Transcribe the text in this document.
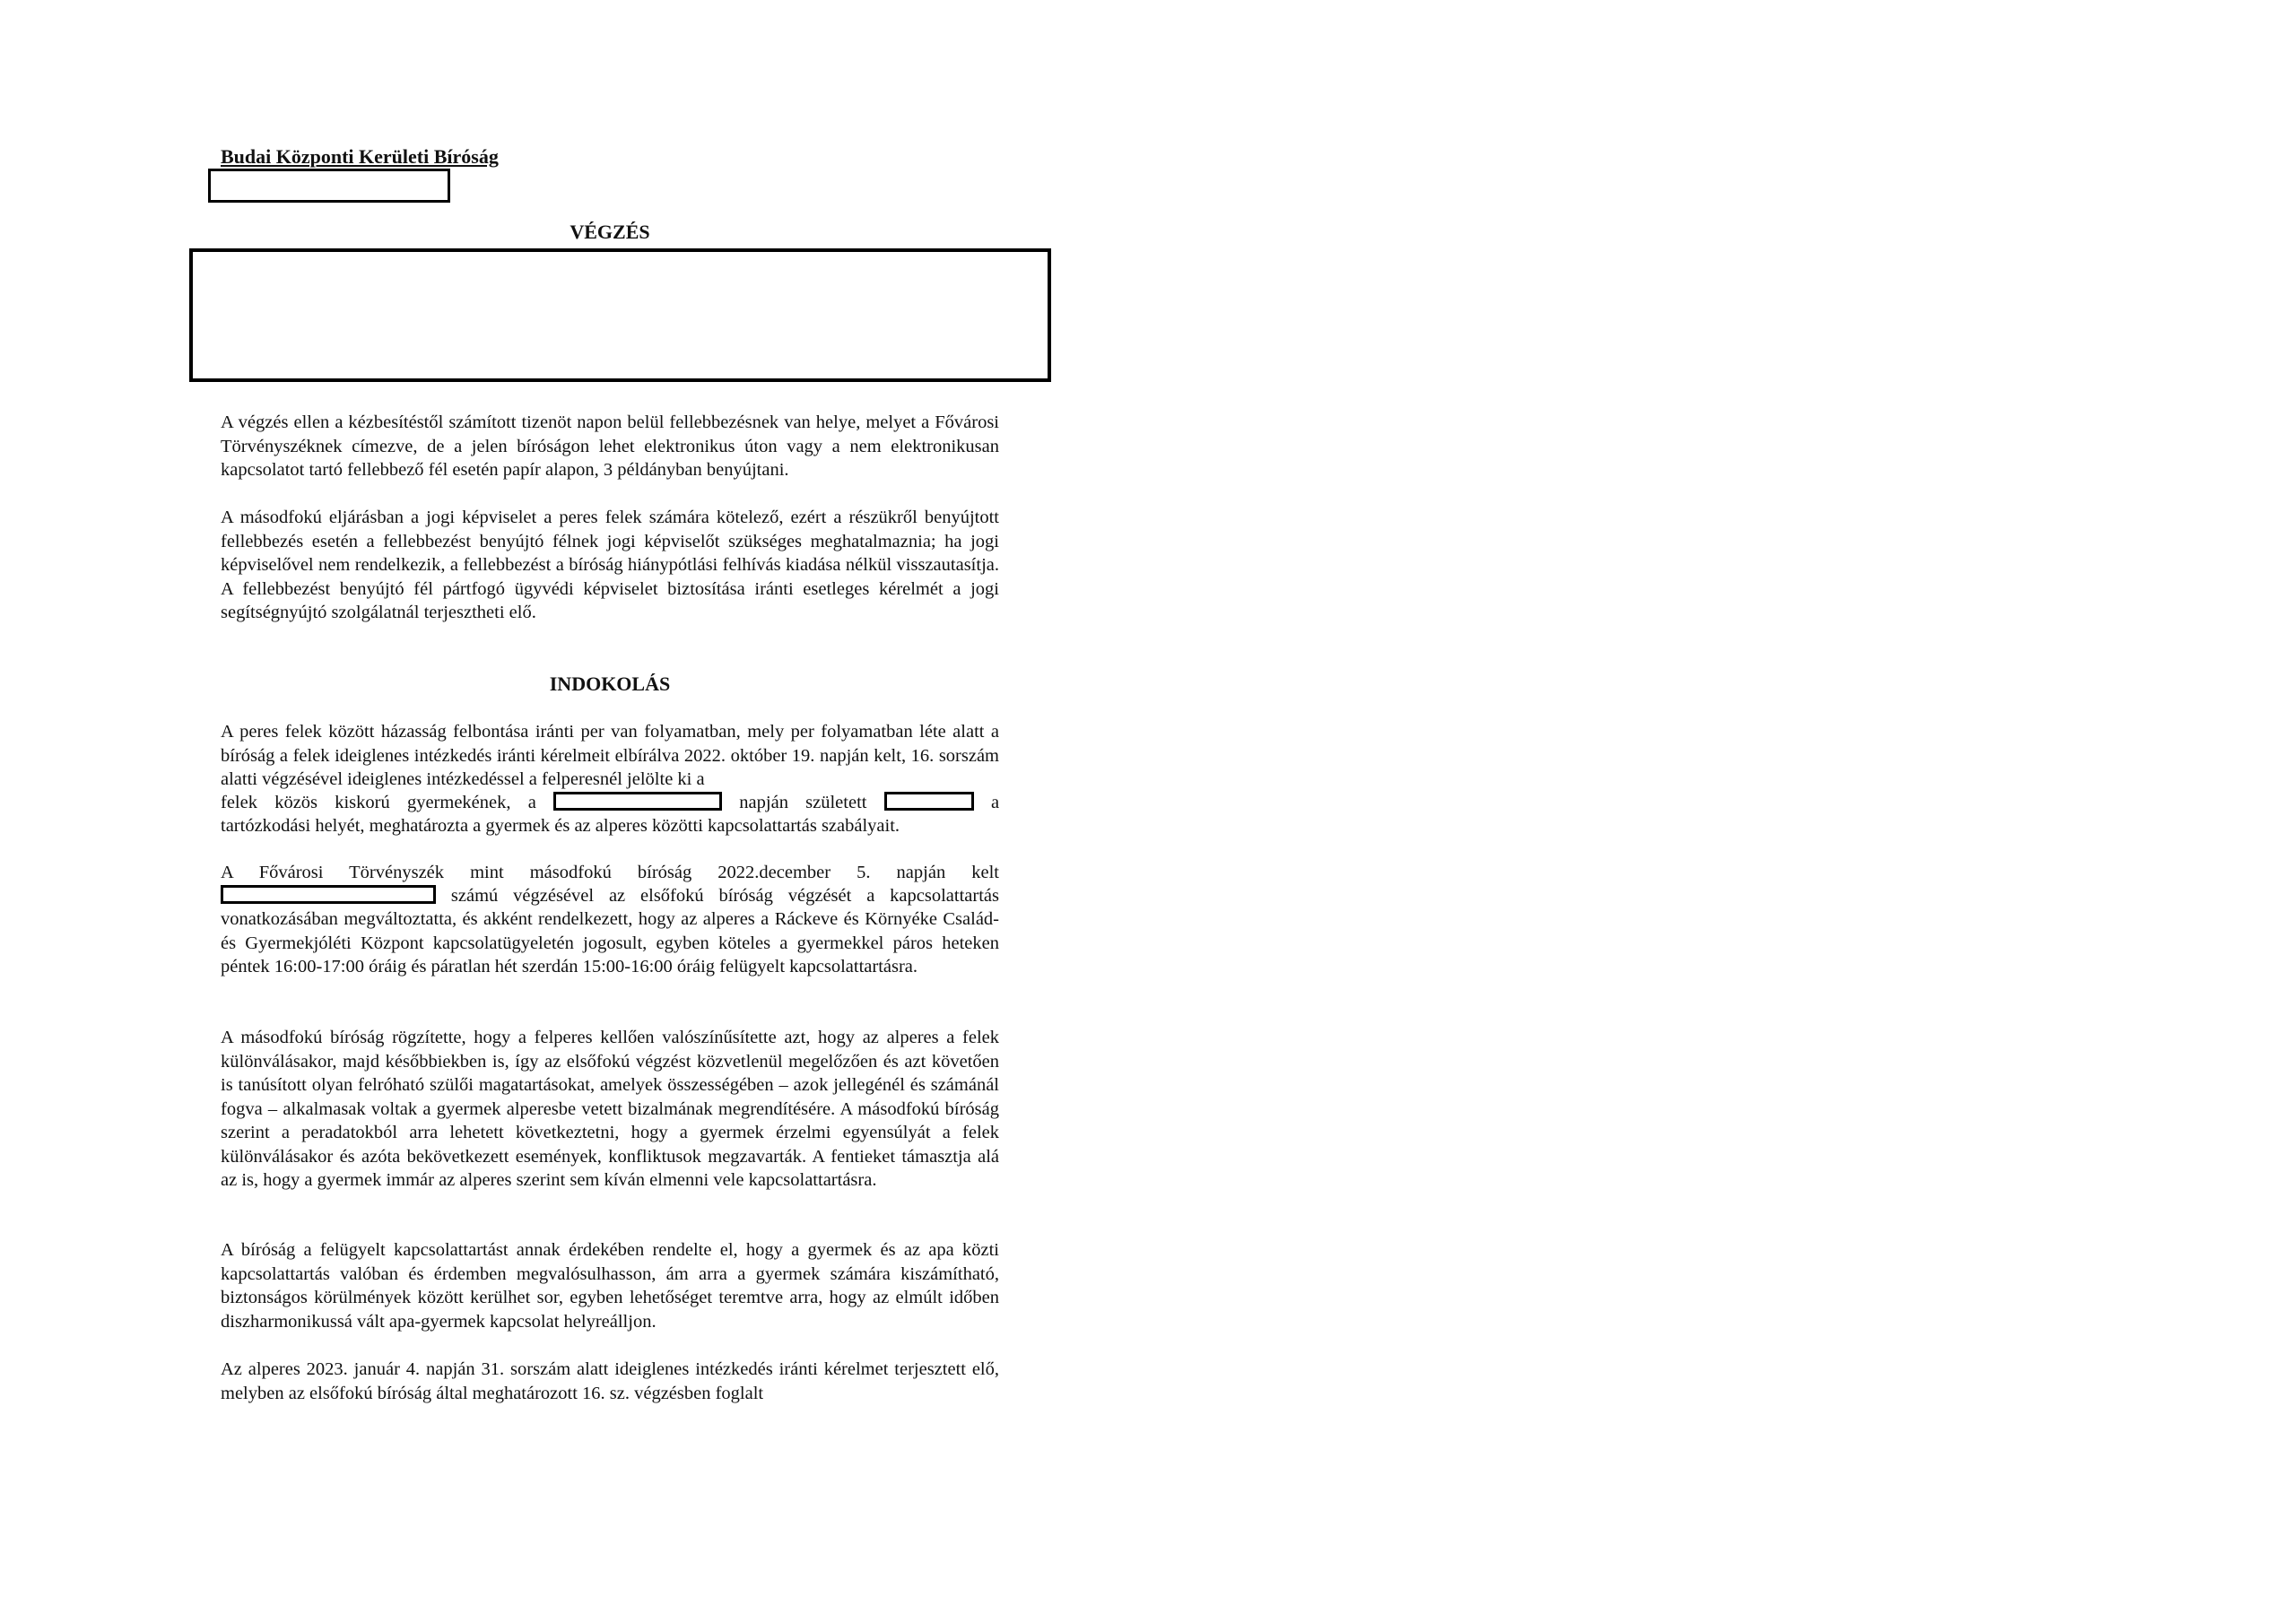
Budai Központi Kerületi Bíróság
VÉGZÉS

A végzés ellen a kézbesítéstől számított tizenöt napon belül fellebbezésnek van helye, melyet a Fővárosi Törvényszéknek címezve, de a jelen bíróságon lehet elektronikus úton vagy a nem elektronikusan kapcsolatot tartó fellebbező fél esetén papír alapon, 3 példányban benyújtani.

A másodfokú eljárásban a jogi képviselet a peres felek számára kötelező, ezért a részükről benyújtott fellebbezés esetén a fellebbezést benyújtó félnek jogi képviselőt szükséges meghatalmaznia; ha jogi képviselővel nem rendelkezik, a fellebbezést a bíróság hiánypótlási felhívás kiadása nélkül visszautasítja. A fellebbezést benyújtó fél pártfogó ügyvédi képviselet biztosítása iránti esetleges kérelmét a jogi segítségnyújtó szolgálatnál terjesztheti elő.

INDOKOLÁS

A peres felek között házasság felbontása iránti per van folyamatban, mely per folyamatban léte alatt a bíróság a felek ideiglenes intézkedés iránti kérelmeit elbírálva 2022. október 19. napján kelt, 16. sorszám alatti végzésével ideiglenes intézkedéssel a felperesnél jelölte ki a

felek közös kiskorú gyermekének, a	napján született	a
tartózkodási helyét, meghatározta a gyermek és az alperes közötti kapcsolattartás szabályait.
A Fővárosi Törvényszék mint másodfokú bíróság 2022.december 5. napján kelt
számú végzésével az elsőfokú bíróság végzését a kapcsolattartás

vonatkozásában megváltoztatta, és akként rendelkezett, hogy az alperes a Ráckeve és Környéke Család- és Gyermekjóléti Központ kapcsolatügyeletén jogosult, egyben köteles a gyermekkel páros heteken péntek 16:00-17:00 óráig és páratlan hét szerdán 15:00-16:00 óráig felügyelt kapcsolattartásra.

A másodfokú bíróság rögzítette, hogy a felperes kellően valószínűsítette azt, hogy az alperes a felek különválásakor, majd későbbiekben is, így az elsőfokú végzést közvetlenül megelőzően és azt követően is tanúsított olyan felróható szülői magatartásokat, amelyek összességében – azok jellegénél és számánál fogva – alkalmasak voltak a gyermek alperesbe vetett bizalmának megrendítésére. A másodfokú bíróság szerint a peradatokból arra lehetett következtetni, hogy a gyermek érzelmi egyensúlyát a felek különválásakor és azóta bekövetkezett események, konfliktusok megzavarták. A fentieket támasztja alá az is, hogy a gyermek immár az alperes szerint sem kíván elmenni vele kapcsolattartásra.

A bíróság a felügyelt kapcsolattartást annak érdekében rendelte el, hogy a gyermek és az apa közti kapcsolattartás valóban és érdemben megvalósulhasson, ám arra a gyermek számára kiszámítható, biztonságos körülmények között kerülhet sor, egyben lehetőséget teremtve arra, hogy az elmúlt időben diszharmonikussá vált apa-gyermek kapcsolat helyreálljon.

Az alperes 2023. január 4. napján 31. sorszám alatt ideiglenes intézkedés iránti kérelmet terjesztett elő, melyben az elsőfokú bíróság által meghatározott 16. sz. végzésben foglalt
